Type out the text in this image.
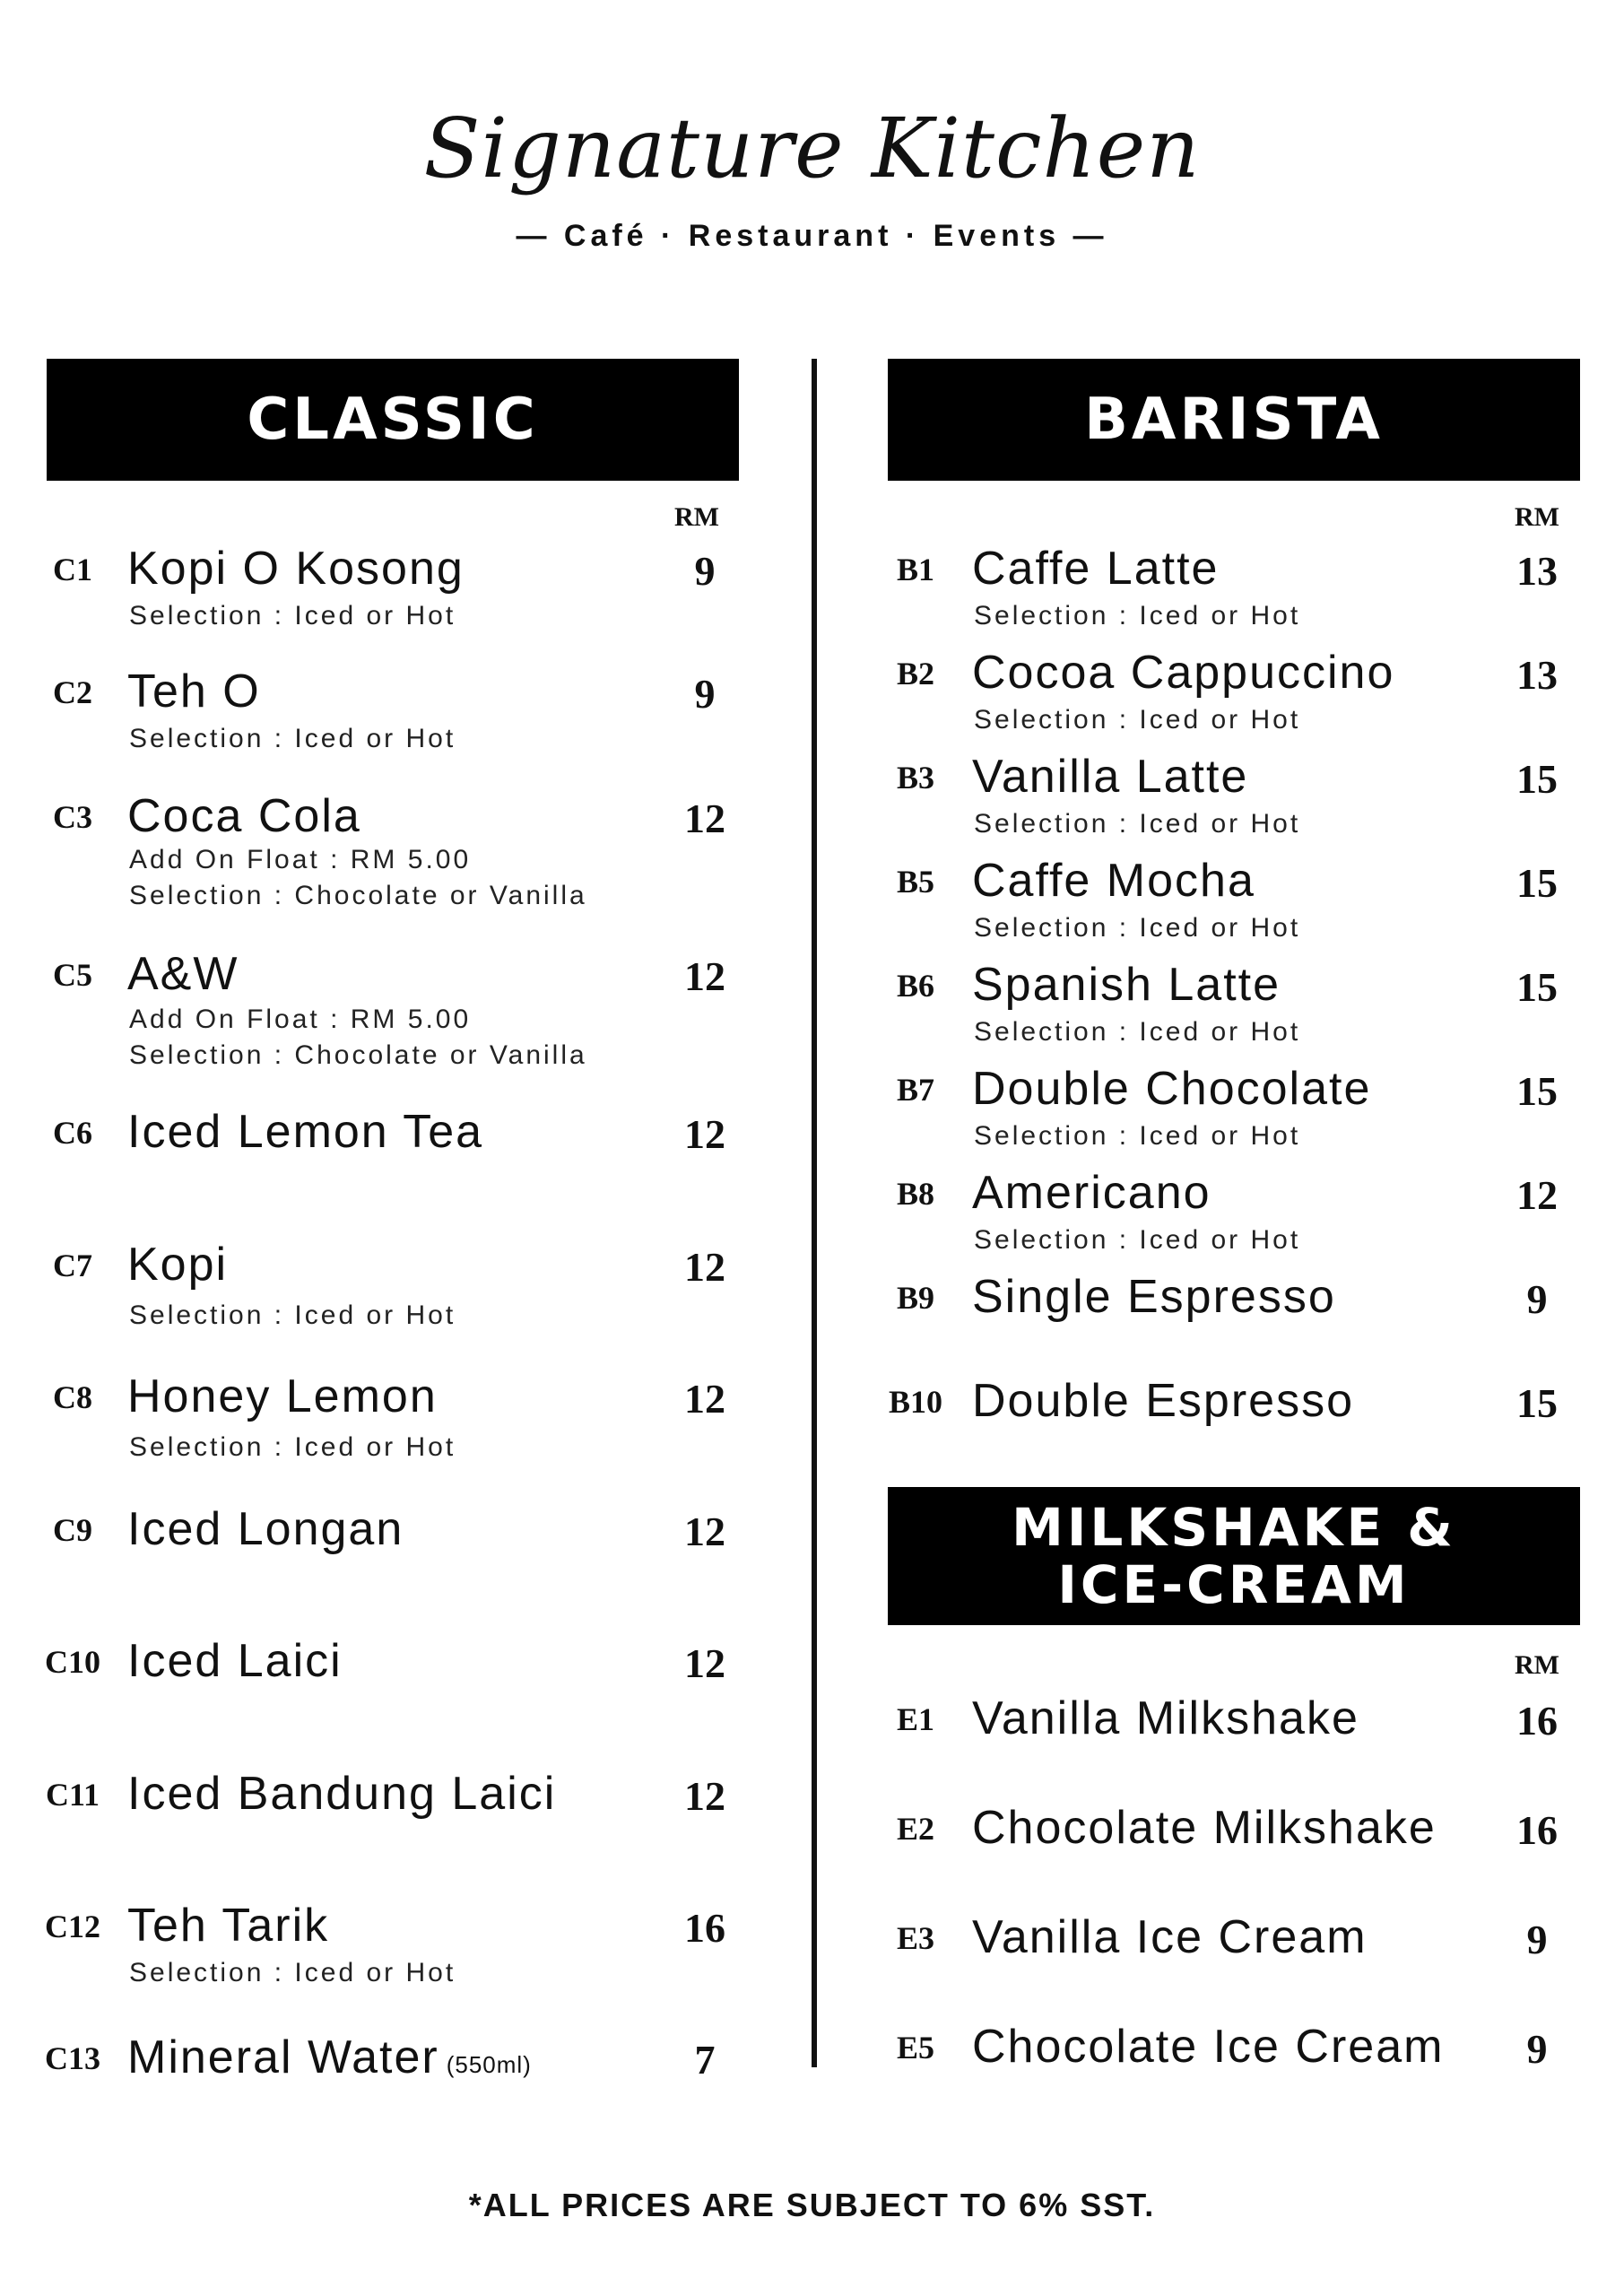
Signature Kitchen
— Café · Restaurant · Events —
CLASSIC
RM
C1 Kopi O Kosong	9
Selection : Iced or Hot
C2 Teh O	9
Selection : Iced or Hot
C3 Coca Cola	12
Add On Float : RM 5.00
Selection : Chocolate or Vanilla
C5 A&W	12
Add On Float : RM 5.00
Selection : Chocolate or Vanilla
C6 Iced Lemon Tea	12
C7 Kopi	12
Selection : Iced or Hot
C8 Honey Lemon	12
Selection : Iced or Hot
C9 Iced Longan	12
C10 Iced Laici	12
C11 Iced Bandung Laici	12
C12 Teh Tarik	16
Selection : Iced or Hot
C13 Mineral Water (550ml)	7
BARISTA
RM
B1 Caffe Latte	13
Selection : Iced or Hot
B2 Cocoa Cappuccino	13
Selection : Iced or Hot
B3 Vanilla Latte	15
Selection : Iced or Hot
B5 Caffe Mocha	15
Selection : Iced or Hot
B6 Spanish Latte	15
Selection : Iced or Hot
B7 Double Chocolate	15
Selection : Iced or Hot
B8 Americano	12
Selection : Iced or Hot
B9 Single Espresso	9
B10 Double Espresso	15
MILKSHAKE &
ICE-CREAM
RM
E1 Vanilla Milkshake	16
E2 Chocolate Milkshake	16
E3 Vanilla Ice Cream	9
E5 Chocolate Ice Cream	9
*ALL PRICES ARE SUBJECT TO 6% SST.
